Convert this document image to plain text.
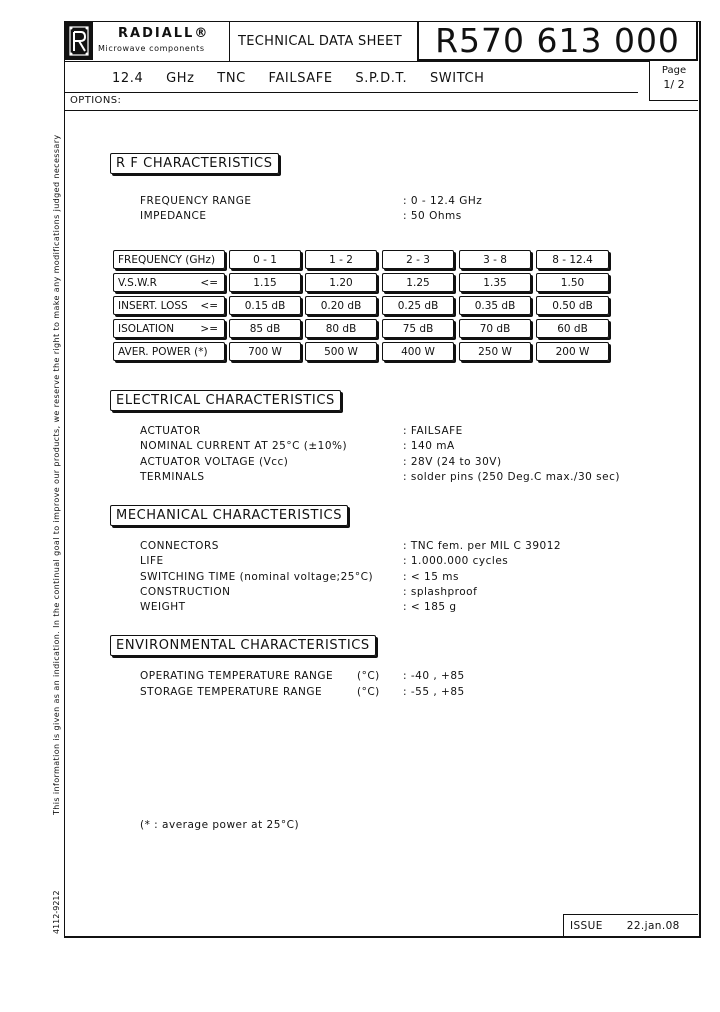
This information is given as an indication. In the continual goal to improve our products, we reserve the right to make any modifications judged necessary
4112-9212
RADIALL®
Microwave components	TECHNICAL DATA SHEET R570 613 000
12.4 GHz TNC FAILSAFE S.P.D.T. SWITCH
OPTIONS:
Page
1/ 2
R F CHARACTERISTICS
FREQUENCY RANGE	: 0 - 12.4 GHz
IMPEDANCE	: 50 Ohms
FREQUENCY (GHz)	0 - 1	1 - 2	2 - 3	3 - 8	8 - 12.4
V.S.W.R	<=	1.15	1.20	1.25	1.35	1.50
INSERT. LOSS <=	0.15 dB	0.20 dB	0.25 dB	0.35 dB	0.50 dB
ISOLATION	>=	85 dB	80 dB	75 dB	70 dB	60 dB
AVER. POWER (*)	700 W	500 W	400 W	250 W	200 W
ELECTRICAL CHARACTERISTICS
ACTUATOR	: FAILSAFE
NOMINAL CURRENT AT 25°C (±10%)	: 140 mA
ACTUATOR VOLTAGE (Vcc)	: 28V (24 to 30V)
TERMINALS	: solder pins (250 Deg.C max./30 sec)
MECHANICAL CHARACTERISTICS
CONNECTORS	: TNC fem. per MIL C 39012
LIFE	: 1.000.000 cycles
SWITCHING TIME (nominal voltage;25°C)	: < 15 ms
CONSTRUCTION	: splashproof
WEIGHT	: < 185 g
ENVIRONMENTAL CHARACTERISTICS
OPERATING TEMPERATURE RANGE (°C) : -40 , +85
STORAGE TEMPERATURE RANGE	(°C) : -55 , +85
(* : average power at 25°C)
ISSUE 22.jan.08
